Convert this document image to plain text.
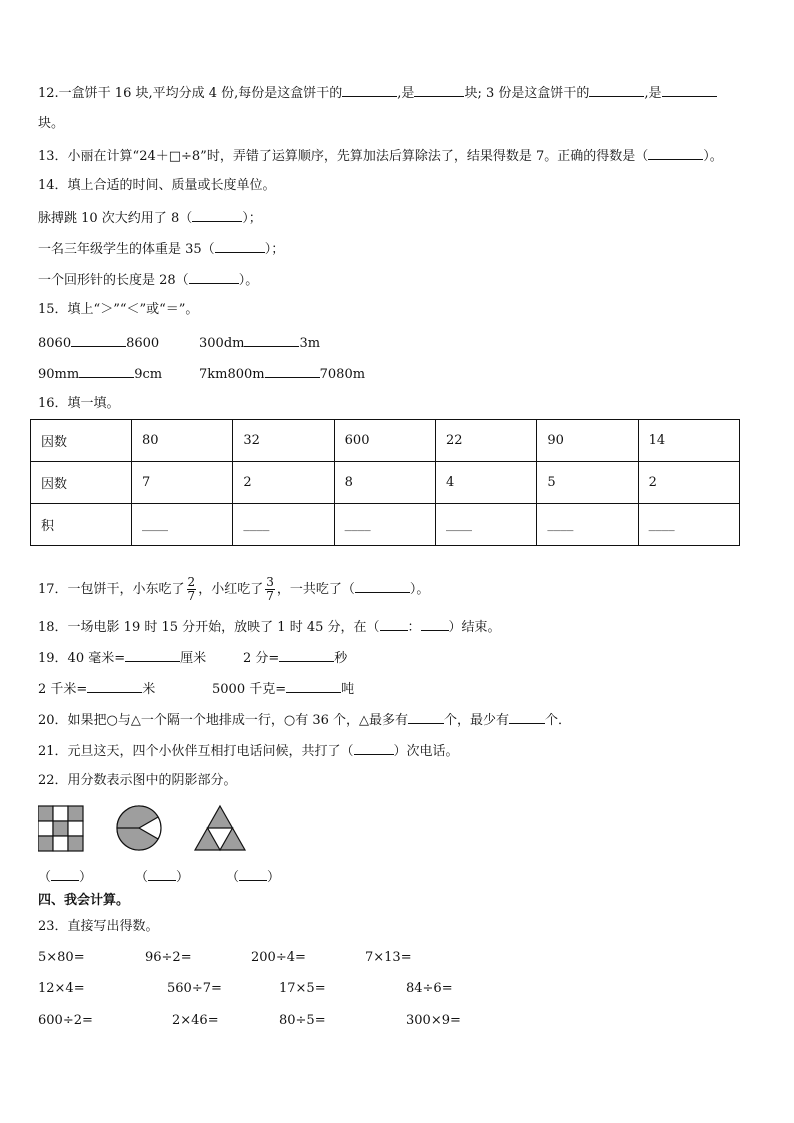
12.一盒饼干 16 块,平均分成 4 份,每份是这盒饼干的	,是	块; 3 份是这盒饼干的	,是
块。
13．小丽在计算“24＋□÷8”时，弄错了运算顺序，先算加法后算除法了，结果得数是 7。正确的得数是（	）。
14．填上合适的时间、质量或长度单位。
脉搏跳 10 次大约用了 8（	）；
一名三年级学生的体重是 35（	）；
一个回形针的长度是 28（	）。
15．填上“＞”“＜”或“＝”。
8060	8600	300dm	3m
90mm	9cm	7km800m	7080m
16．填一填。
因数	80	32	600	22	90	14
因数	7	2	8	4	5	2
积	____	____	____	____	____	____
17．一包饼干，小东吃了 $\frac{2}{7}$ ，小红吃了 $\frac{3}{7}$ ，一共吃了（	）。
18．一场电影 19 时 15 分开始，放映了 1 时 45 分，在（ ： ）结束。
19．40 毫米=	厘米	2 分=	秒
2 千米=	米	5000 千克=	吨
20．如果把○与△一个隔一个地排成一行，○有 36 个，△最多有	个，最少有	个．
21．元旦这天，四个小伙伴互相打电话问候，共打了（	）次电话。
22．用分数表示图中的阴影部分。
（ ）	（ ）	（ ）
四、我会计算。
23．直接写出得数。
5×80=	96÷2=	200÷4=	7×13=
12×4=	560÷7=	17×5=	84÷6=
600÷2=	2×46=	80÷5=	300×9=
